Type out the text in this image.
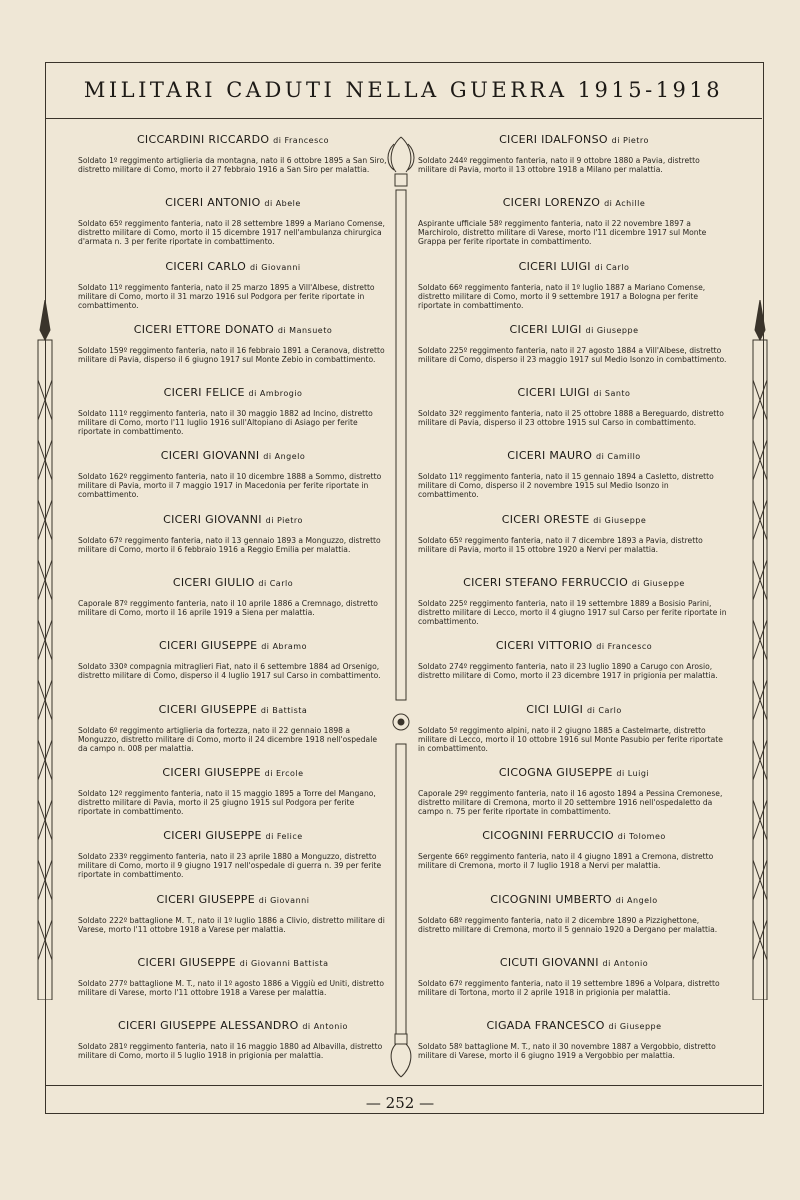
MILITARI CADUTI NELLA GUERRA 1915-1918
CICCARDINI RICCARDO di Francesco

Soldato 1º reggimento artiglieria da montagna, nato il 6 ottobre 1895 a San Siro, distretto militare di Como, morto il 27 febbraio 1916 a San Siro per malattia.

CICERI ANTONIO di Abele

Soldato 65º reggimento fanteria, nato il 28 settembre 1899 a Mariano Comense, distretto militare di Como, morto il 15 dicembre 1917 nell'ambulanza chirurgica d'armata n. 3 per ferite riportate in combattimento.

CICERI CARLO di Giovanni

Soldato 11º reggimento fanteria, nato il 25 marzo 1895 a Vill'Albese, distretto militare di Como, morto il 31 marzo 1916 sul Podgora per ferite riportate in combattimento.

CICERI ETTORE DONATO di Mansueto

Soldato 159º reggimento fanteria, nato il 16 febbraio 1891 a Ceranova, distretto militare di Pavia, disperso il 6 giugno 1917 sul Monte Zebio in combattimento.

CICERI FELICE di Ambrogio

Soldato 111º reggimento fanteria, nato il 30 maggio 1882 ad Incino, distretto militare di Como, morto l'11 luglio 1916 sull'Altopiano di Asiago per ferite riportate in combattimento.

CICERI GIOVANNI di Angelo

Soldato 162º reggimento fanteria, nato il 10 dicembre 1888 a Sommo, distretto militare di Pavia, morto il 7 maggio 1917 in Macedonia per ferite riportate in combattimento.

CICERI GIOVANNI di Pietro

Soldato 67º reggimento fanteria, nato il 13 gennaio 1893 a Monguzzo, distretto militare di Como, morto il 6 febbraio 1916 a Reggio Emilia per malattia.

CICERI GIULIO di Carlo

Caporale 87º reggimento fanteria, nato il 10 aprile 1886 a Cremnago, distretto militare di Como, morto il 16 aprile 1919 a Siena per malattia.

CICERI GIUSEPPE di Abramo

Soldato 330ª compagnia mitraglieri Fiat, nato il 6 settembre 1884 ad Orsenigo, distretto militare di Como, disperso il 4 luglio 1917 sul Carso in combattimento.

CICERI GIUSEPPE di Battista

Soldato 6º reggimento artiglieria da fortezza, nato il 22 gennaio 1898 a Monguzzo, distretto militare di Como, morto il 24 dicembre 1918 nell'ospedale da campo n. 008 per malattia.

CICERI GIUSEPPE di Ercole

Soldato 12º reggimento fanteria, nato il 15 maggio 1895 a Torre del Mangano, distretto militare di Pavia, morto il 25 giugno 1915 sul Podgora per ferite riportate in combattimento.

CICERI GIUSEPPE di Felice

Soldato 233º reggimento fanteria, nato il 23 aprile 1880 a Monguzzo, distretto militare di Como, morto il 9 giugno 1917 nell'ospedale di guerra n. 39 per ferite riportate in combattimento.

CICERI GIUSEPPE di Giovanni

Soldato 222º battaglione M. T., nato il 1º luglio 1886 a Clivio, distretto militare di Varese, morto l'11 ottobre 1918 a Varese per malattia.

CICERI GIUSEPPE di Giovanni Battista

Soldato 277º battaglione M. T., nato il 1º agosto 1886 a Viggiù ed Uniti, distretto militare di Varese, morto l'11 ottobre 1918 a Varese per malattia.

CICERI GIUSEPPE ALESSANDRO di Antonio

Soldato 281º reggimento fanteria, nato il 16 maggio 1880 ad Albavilla, distretto militare di Como, morto il 5 luglio 1918 in prigionia per malattia.

CICERI IDALFONSO di Pietro

Soldato 244º reggimento fanteria, nato il 9 ottobre 1880 a Pavia, distretto militare di Pavia, morto il 13 ottobre 1918 a Milano per malattia.

CICERI LORENZO di Achille

Aspirante ufficiale 58º reggimento fanteria, nato il 22 novembre 1897 a Marchirolo, distretto militare di Varese, morto l'11 dicembre 1917 sul Monte Grappa per ferite riportate in combattimento.

CICERI LUIGI di Carlo

Soldato 66º reggimento fanteria, nato il 1º luglio 1887 a Mariano Comense, distretto militare di Como, morto il 9 settembre 1917 a Bologna per ferite riportate in combattimento.

CICERI LUIGI di Giuseppe

Soldato 225º reggimento fanteria, nato il 27 agosto 1884 a Vill'Albese, distretto militare di Como, disperso il 23 maggio 1917 sul Medio Isonzo in combattimento.

CICERI LUIGI di Santo

Soldato 32º reggimento fanteria, nato il 25 ottobre 1888 a Bereguardo, distretto militare di Pavia, disperso il 23 ottobre 1915 sul Carso in combattimento.

CICERI MAURO di Camillo

Soldato 11º reggimento fanteria, nato il 15 gennaio 1894 a Casletto, distretto militare di Como, disperso il 2 novembre 1915 sul Medio Isonzo in combattimento.

CICERI ORESTE di Giuseppe

Soldato 65º reggimento fanteria, nato il 7 dicembre 1893 a Pavia, distretto militare di Pavia, morto il 15 ottobre 1920 a Nervi per malattia.

CICERI STEFANO FERRUCCIO di Giuseppe

Soldato 225º reggimento fanteria, nato il 19 settembre 1889 a Bosisio Parini, distretto militare di Lecco, morto il 4 giugno 1917 sul Carso per ferite riportate in combattimento.

CICERI VITTORIO di Francesco

Soldato 274º reggimento fanteria, nato il 23 luglio 1890 a Carugo con Arosio, distretto militare di Como, morto il 23 dicembre 1917 in prigionia per malattia.

CICI LUIGI di Carlo

Soldato 5º reggimento alpini, nato il 2 giugno 1885 a Castelmarte, distretto militare di Lecco, morto il 10 ottobre 1916 sul Monte Pasubio per ferite riportate in combattimento.

CICOGNA GIUSEPPE di Luigi

Caporale 29º reggimento fanteria, nato il 16 agosto 1894 a Pessina Cremonese, distretto militare di Cremona, morto il 20 settembre 1916 nell'ospedaletto da campo n. 75 per ferite riportate in combattimento.

CICOGNINI FERRUCCIO di Tolomeo

Sergente 66º reggimento fanteria, nato il 4 giugno 1891 a Cremona, distretto militare di Cremona, morto il 7 luglio 1918 a Nervi per malattia.

CICOGNINI UMBERTO di Angelo

Soldato 68º reggimento fanteria, nato il 2 dicembre 1890 a Pizzighettone, distretto militare di Cremona, morto il 5 gennaio 1920 a Dergano per malattia.

CICUTI GIOVANNI di Antonio

Soldato 67º reggimento fanteria, nato il 19 settembre 1896 a Volpara, distretto militare di Tortona, morto il 2 aprile 1918 in prigionia per malattia.

CIGADA FRANCESCO di Giuseppe

Soldato 58º battaglione M. T., nato il 30 novembre 1887 a Vergobbio, distretto militare di Varese, morto il 6 giugno 1919 a Vergobbio per malattia.

— 252 —
